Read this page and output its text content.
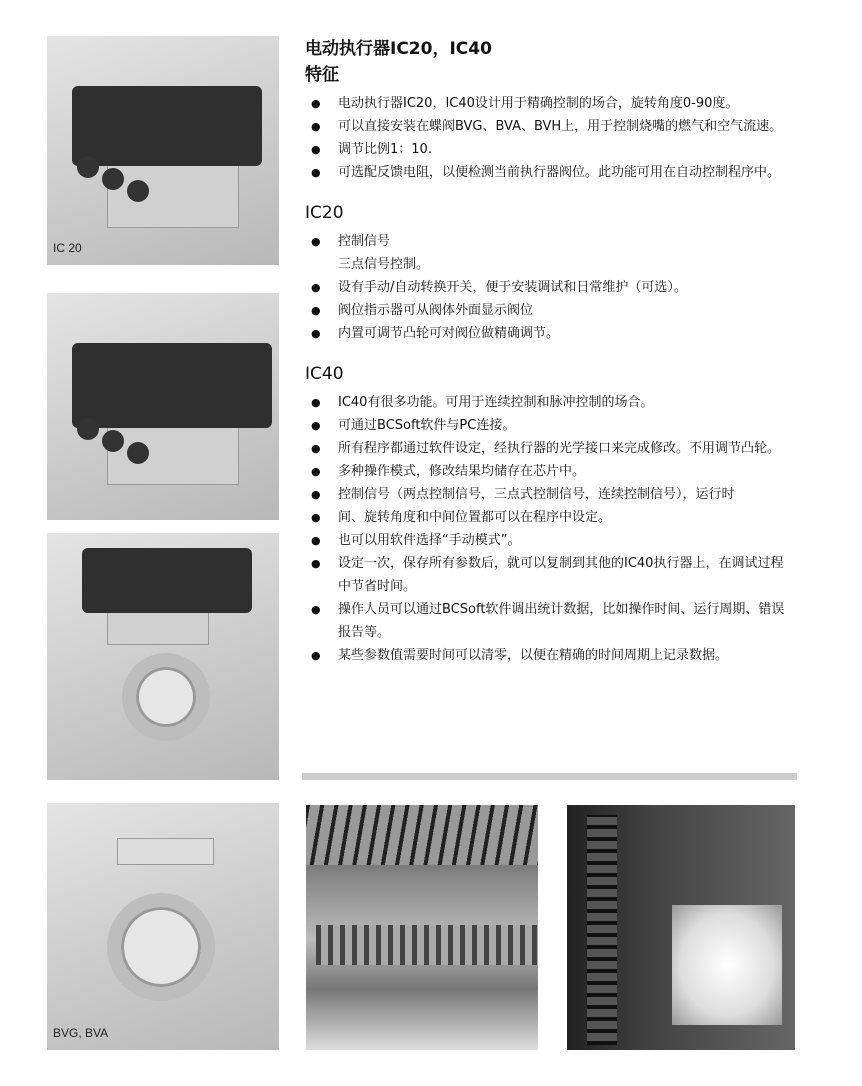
IC 20
BVG, BVA
电动执行器IC20，IC40
特征
● 电动执行器IC20，IC40设计用于精确控制的场合，旋转角度0-90度。
● 可以直接安装在蝶阀BVG、BVA、BVH上，用于控制烧嘴的燃气和空气流速。
● 调节比例1：10.
● 可选配反馈电阻，以便检测当前执行器阀位。此功能可用在自动控制程序中。
IC20
● 控制信号
三点信号控制。
● 设有手动/自动转换开关，便于安装调试和日常维护（可选）。
● 阀位指示器可从阀体外面显示阀位
● 内置可调节凸轮可对阀位做精确调节。
IC40
● IC40有很多功能。可用于连续控制和脉冲控制的场合。
● 可通过BCSoft软件与PC连接。
● 所有程序都通过软件设定，经执行器的光学接口来完成修改。不用调节凸轮。
● 多种操作模式，修改结果均储存在芯片中。
● 控制信号（两点控制信号，三点式控制信号，连续控制信号），运行时
● 间、旋转角度和中间位置都可以在程序中设定。
● 也可以用软件选择“手动模式”。
● 设定一次，保存所有参数后，就可以复制到其他的IC40执行器上，在调试过程中节省时间。
● 操作人员可以通过BCSoft软件调出统计数据，比如操作时间、运行周期、错误报告等。
● 某些参数值需要时间可以清零，以便在精确的时间周期上记录数据。
